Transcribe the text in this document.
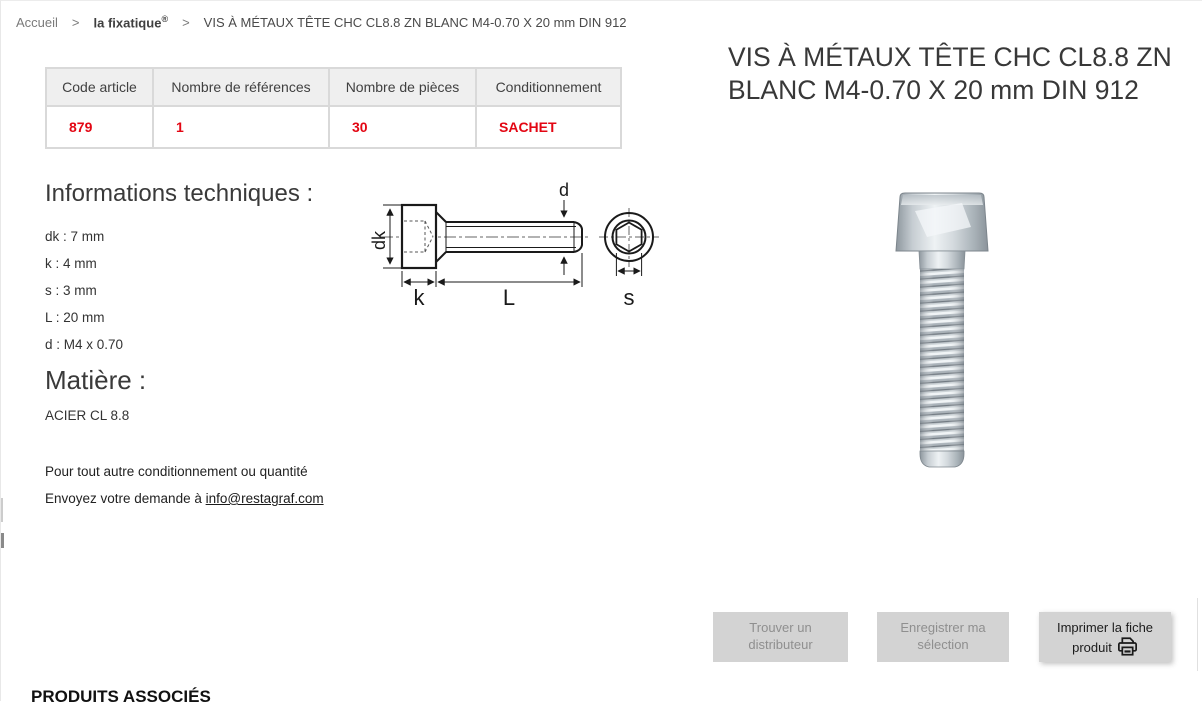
Accueil > la fixatique® > VIS À MÉTAUX TÊTE CHC CL8.8 ZN BLANC M4-0.70 X 20 mm DIN 912
Code article	Nombre de références	Nombre de pièces	Conditionnement
879	1	30	SACHET
Informations techniques :
dk : 7 mm
k : 4 mm
s : 3 mm
L : 20 mm
d : M4 x 0.70
dk
k	L
d
s
Matière :
ACIER CL 8.8
Pour tout autre conditionnement ou quantité
Envoyez votre demande à info@restagraf.com
VIS À MÉTAUX TÊTE CHC CL8.8 ZN BLANC M4-0.70 X 20 mm DIN 912
Trouver un distributeur
Enregistrer ma sélection
Imprimer la fiche produit
PRODUITS ASSOCIÉS
